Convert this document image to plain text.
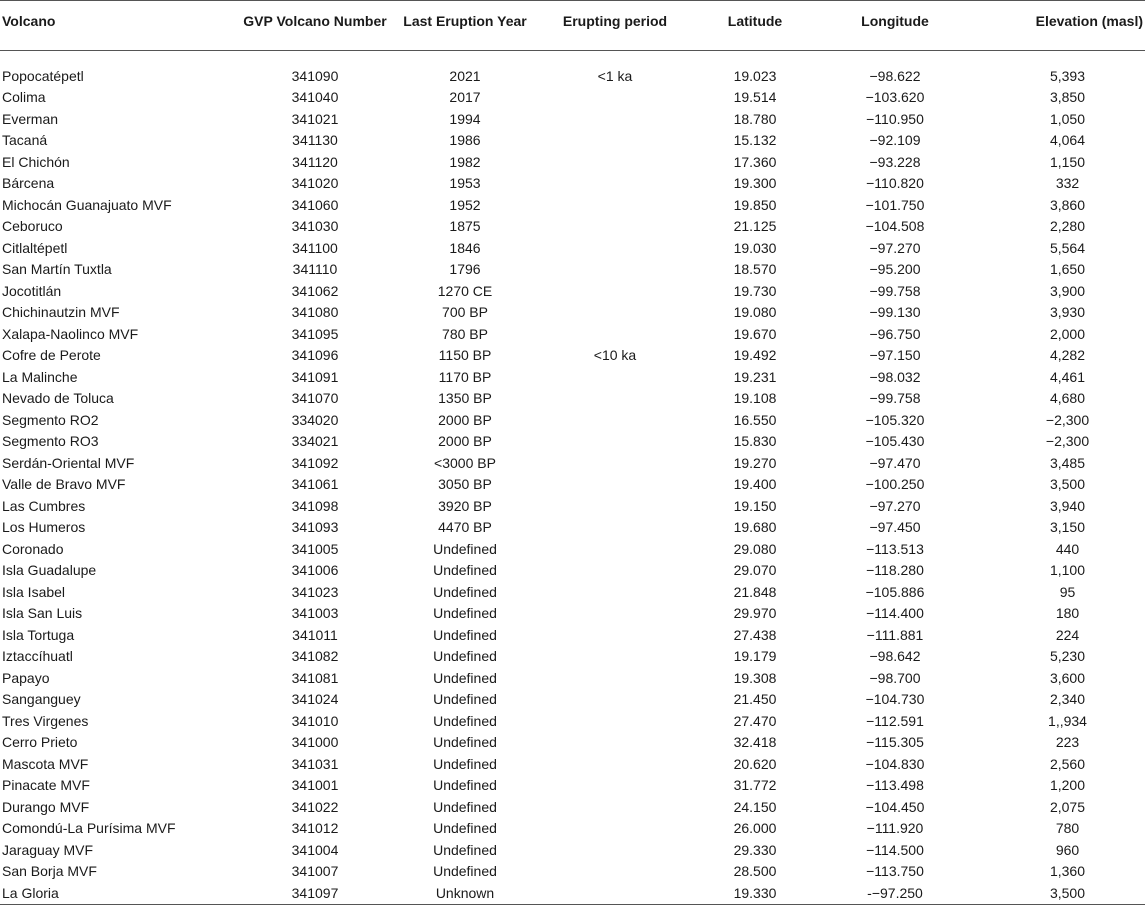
Volcano	GVP Volcano Number	Last Eruption Year	Erupting period	Latitude	Longitude	Elevation (masl)

Popocatépetl	341090	2021	<1 ka	19.023	−98.622	5,393
Colima	341040	2017		19.514	−103.620	3,850
Everman	341021	1994		18.780	−110.950	1,050
Tacaná	341130	1986		15.132	−92.109	4,064
El Chichón	341120	1982		17.360	−93.228	1,150
Bárcena	341020	1953		19.300	−110.820	332
Michocán Guanajuato MVF	341060	1952		19.850	−101.750	3,860
Ceboruco	341030	1875		21.125	−104.508	2,280
Citlaltépetl	341100	1846		19.030	−97.270	5,564
San Martín Tuxtla	341110	1796		18.570	−95.200	1,650
Jocotitlán	341062	1270 CE		19.730	−99.758	3,900
Chichinautzin MVF	341080	700 BP		19.080	−99.130	3,930
Xalapa-Naolinco MVF	341095	780 BP		19.670	−96.750	2,000
Cofre de Perote	341096	1150 BP	<10 ka	19.492	−97.150	4,282
La Malinche	341091	1170 BP		19.231	−98.032	4,461
Nevado de Toluca	341070	1350 BP		19.108	−99.758	4,680
Segmento RO2	334020	2000 BP		16.550	−105.320	−2,300
Segmento RO3	334021	2000 BP		15.830	−105.430	−2,300
Serdán-Oriental MVF	341092	<3000 BP		19.270	−97.470	3,485
Valle de Bravo MVF	341061	3050 BP		19.400	−100.250	3,500
Las Cumbres	341098	3920 BP		19.150	−97.270	3,940
Los Humeros	341093	4470 BP		19.680	−97.450	3,150
Coronado	341005	Undefined		29.080	−113.513	440
Isla Guadalupe	341006	Undefined		29.070	−118.280	1,100
Isla Isabel	341023	Undefined		21.848	−105.886	95
Isla San Luis	341003	Undefined		29.970	−114.400	180
Isla Tortuga	341011	Undefined		27.438	−111.881	224
Iztaccíhuatl	341082	Undefined		19.179	−98.642	5,230
Papayo	341081	Undefined		19.308	−98.700	3,600
Sanganguey	341024	Undefined		21.450	−104.730	2,340
Tres Virgenes	341010	Undefined		27.470	−112.591	1,,934
Cerro Prieto	341000	Undefined		32.418	−115.305	223
Mascota MVF	341031	Undefined		20.620	−104.830	2,560
Pinacate MVF	341001	Undefined		31.772	−113.498	1,200
Durango MVF	341022	Undefined		24.150	−104.450	2,075
Comondú-La Purísima MVF	341012	Undefined		26.000	−111.920	780
Jaraguay MVF	341004	Undefined		29.330	−114.500	960
San Borja MVF	341007	Undefined		28.500	−113.750	1,360
La Gloria	341097	Unknown		19.330	-−97.250	3,500
